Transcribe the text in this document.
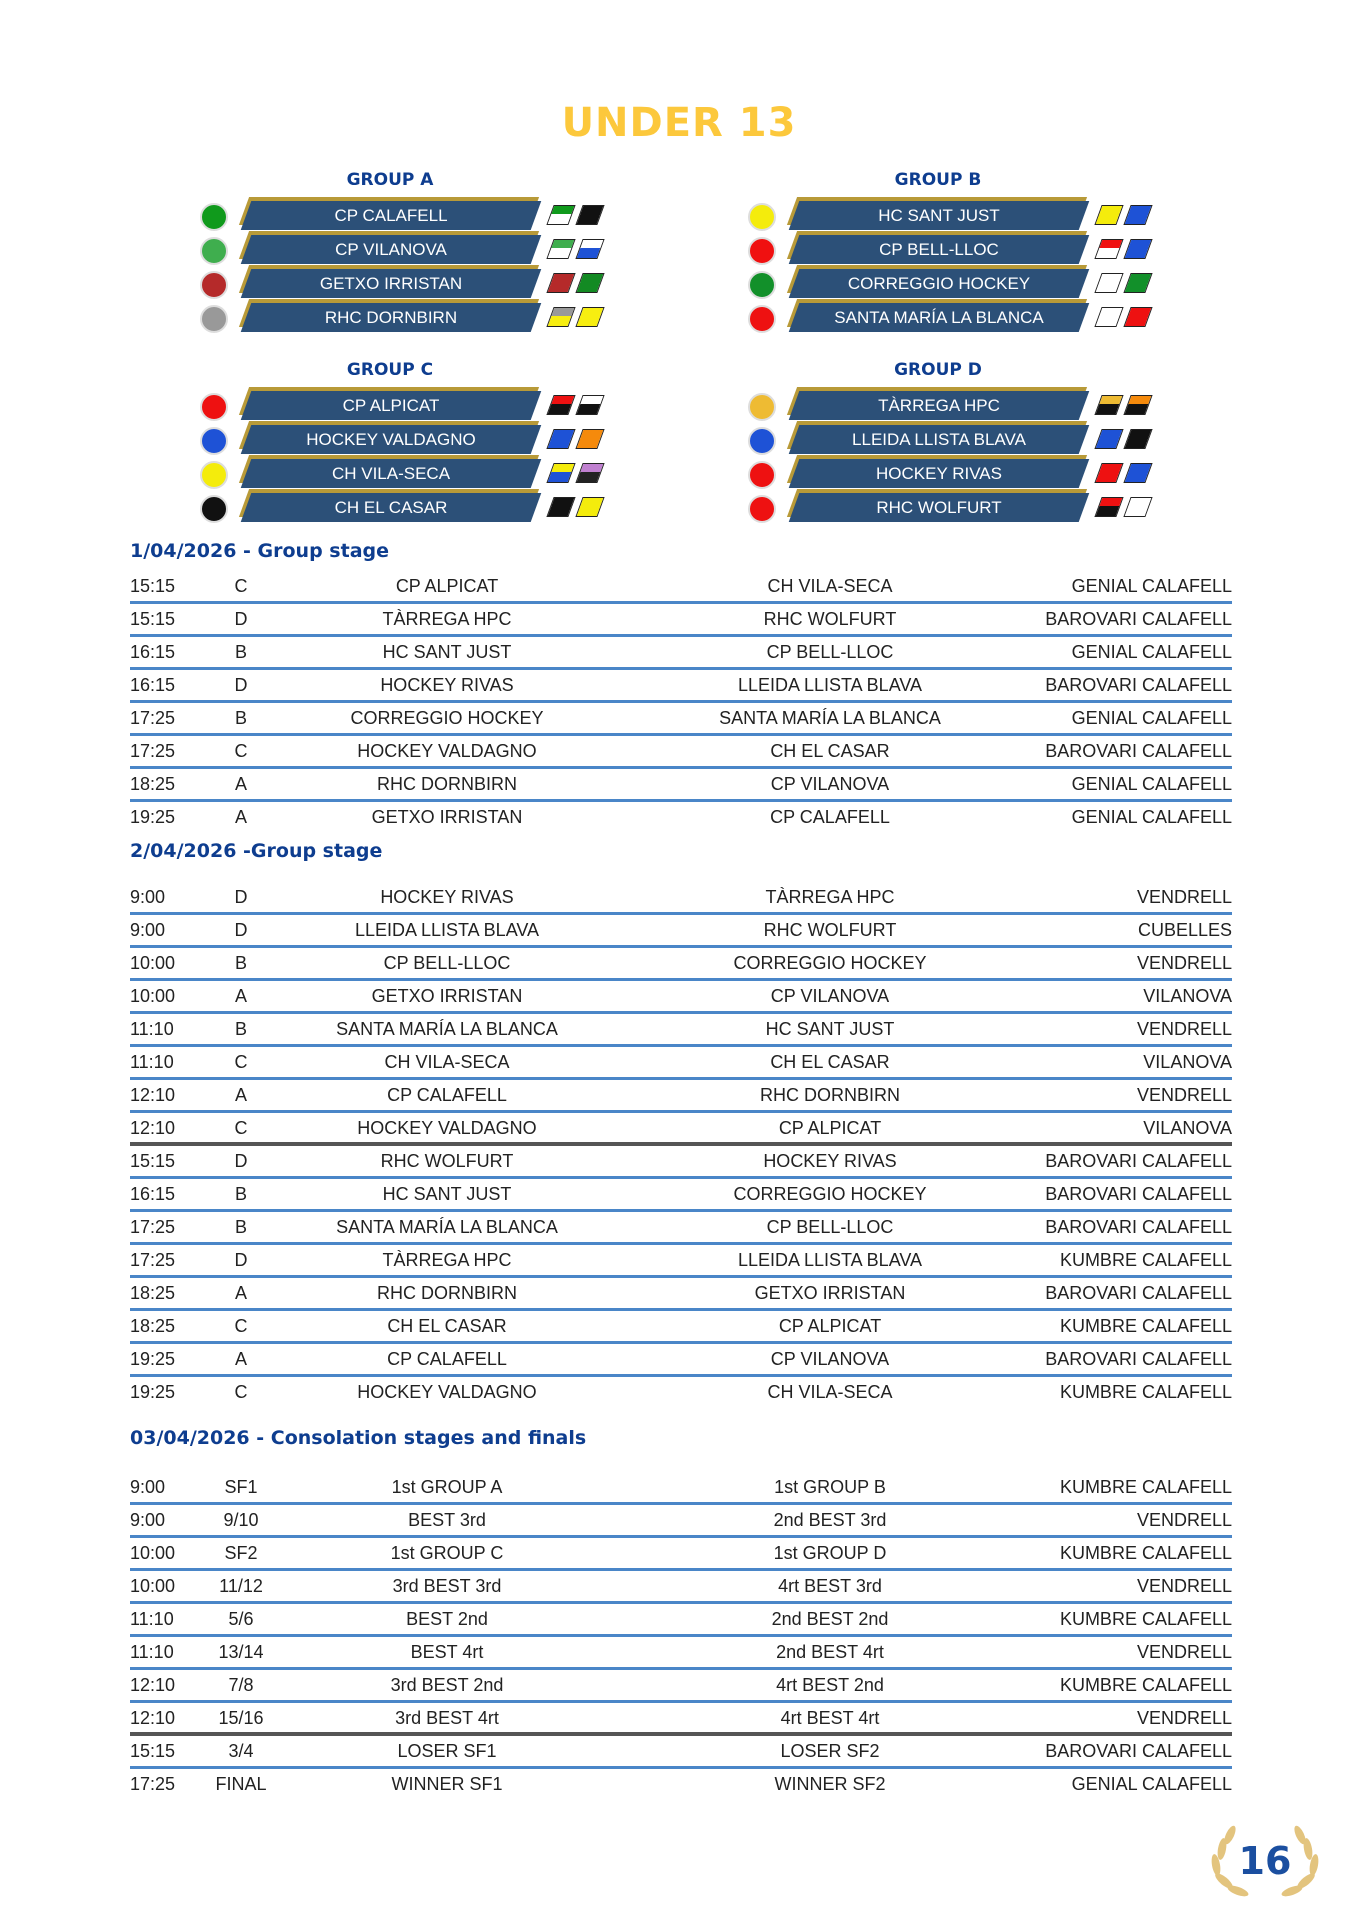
UNDER 13
GROUP A
CP CALAFELL
CP VILANOVA
GETXO IRRISTAN
RHC DORNBIRN
GROUP B
HC SANT JUST
CP BELL-LLOC
CORREGGIO HOCKEY
SANTA MARÍA LA BLANCA
GROUP C
CP ALPICAT
HOCKEY VALDAGNO
CH VILA-SECA
CH EL CASAR
GROUP D
TÀRREGA HPC
LLEIDA LLISTA BLAVA
HOCKEY RIVAS
RHC WOLFURT
1/04/2026 - Group stage
15:15	C	CP ALPICAT	CH VILA-SECA	GENIAL CALAFELL
15:15	D	TÀRREGA HPC	RHC WOLFURT	BAROVARI CALAFELL
16:15	B	HC SANT JUST	CP BELL-LLOC	GENIAL CALAFELL
16:15	D	HOCKEY RIVAS	LLEIDA LLISTA BLAVA	BAROVARI CALAFELL
17:25	B	CORREGGIO HOCKEY	SANTA MARÍA LA BLANCA	GENIAL CALAFELL
17:25	C	HOCKEY VALDAGNO	CH EL CASAR	BAROVARI CALAFELL
18:25	A	RHC DORNBIRN	CP VILANOVA	GENIAL CALAFELL
19:25	A	GETXO IRRISTAN	CP CALAFELL	GENIAL CALAFELL
2/04/2026 -Group stage
9:00	D	HOCKEY RIVAS	TÀRREGA HPC	VENDRELL
9:00	D	LLEIDA LLISTA BLAVA	RHC WOLFURT	CUBELLES
10:00	B	CP BELL-LLOC	CORREGGIO HOCKEY	VENDRELL
10:00	A	GETXO IRRISTAN	CP VILANOVA	VILANOVA
11:10	B	SANTA MARÍA LA BLANCA	HC SANT JUST	VENDRELL
11:10	C	CH VILA-SECA	CH EL CASAR	VILANOVA
12:10	A	CP CALAFELL	RHC DORNBIRN	VENDRELL
12:10	C	HOCKEY VALDAGNO	CP ALPICAT	VILANOVA
15:15	D	RHC WOLFURT	HOCKEY RIVAS	BAROVARI CALAFELL
16:15	B	HC SANT JUST	CORREGGIO HOCKEY	BAROVARI CALAFELL
17:25	B	SANTA MARÍA LA BLANCA	CP BELL-LLOC	BAROVARI CALAFELL
17:25	D	TÀRREGA HPC	LLEIDA LLISTA BLAVA	KUMBRE CALAFELL
18:25	A	RHC DORNBIRN	GETXO IRRISTAN	BAROVARI CALAFELL
18:25	C	CH EL CASAR	CP ALPICAT	KUMBRE CALAFELL
19:25	A	CP CALAFELL	CP VILANOVA	BAROVARI CALAFELL
19:25	C	HOCKEY VALDAGNO	CH VILA-SECA	KUMBRE CALAFELL
03/04/2026 - Consolation stages and finals
9:00	SF1	1st GROUP A	1st GROUP B	KUMBRE CALAFELL
9:00	9/10	BEST 3rd	2nd BEST 3rd	VENDRELL
10:00	SF2	1st GROUP C	1st GROUP D	KUMBRE CALAFELL
10:00	11/12	3rd BEST 3rd	4rt BEST 3rd	VENDRELL
11:10	5/6	BEST 2nd	2nd BEST 2nd	KUMBRE CALAFELL
11:10	13/14	BEST 4rt	2nd BEST 4rt	VENDRELL
12:10	7/8	3rd BEST 2nd	4rt BEST 2nd	KUMBRE CALAFELL
12:10	15/16	3rd BEST 4rt	4rt BEST 4rt	VENDRELL
15:15	3/4	LOSER SF1	LOSER SF2	BAROVARI CALAFELL
17:25	FINAL	WINNER SF1	WINNER SF2	GENIAL CALAFELL
16
